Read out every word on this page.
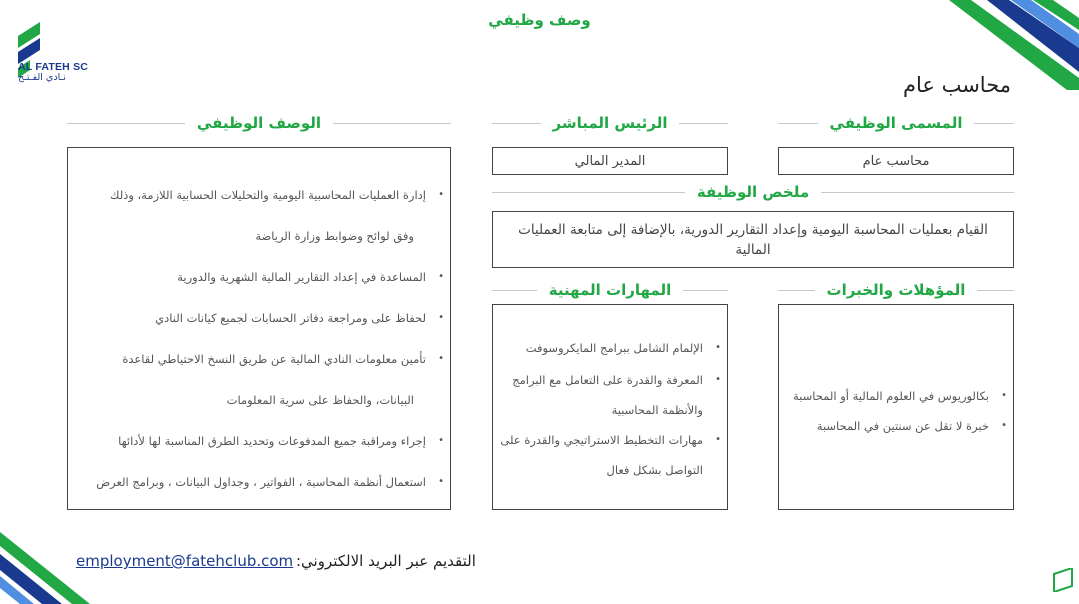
AL FATEH SC
نـادي الفـتـح
وصف وظيفي
محاسب عام
المسمى الوظيفي
محاسب عام
الرئيس المباشر
المدير المالي
ملخص الوظيفة
القيام بعمليات المحاسبة اليومية وإعداد التقارير الدورية، بالإضافة إلى متابعة العمليات المالية
المؤهلات والخبرات
•
بكالوريوس في العلوم المالية أو المحاسبة
•
خبرة لا تقل عن سنتين في المحاسبة
المهارات المهنية
•
الإلمام الشامل ببرامج المايكروسوفت
•
المعرفة والقدرة على التعامل مع البرامج
والأنظمة المحاسبية
•
مهارات التخطيط الاستراتيجي والقدرة على
التواصل بشكل فعال
الوصف الوظيفي
•
إدارة العمليات المحاسبية اليومية والتحليلات الحسابية اللازمة، وذلك
وفق لوائح وضوابط وزارة الرياضة
•
المساعدة في إعداد التقارير المالية الشهرية والدورية
•
لحفاظ على ومراجعة دفاتر الحسابات لجميع كيانات النادي
•
تأمين معلومات النادي المالية عن طريق النسخ الاحتياطي لقاعدة
البيانات، والحفاظ على سرية المعلومات
•
إجراء ومراقبة جميع المدفوعات وتحديد الطرق المناسبة لها لأدائها
•
استعمال أنظمة المحاسبة ، الفواتير ، وجداول البيانات ، وبرامج العرض
التقديم عبر البريد الالكتروني:
employment@fatehclub.com
